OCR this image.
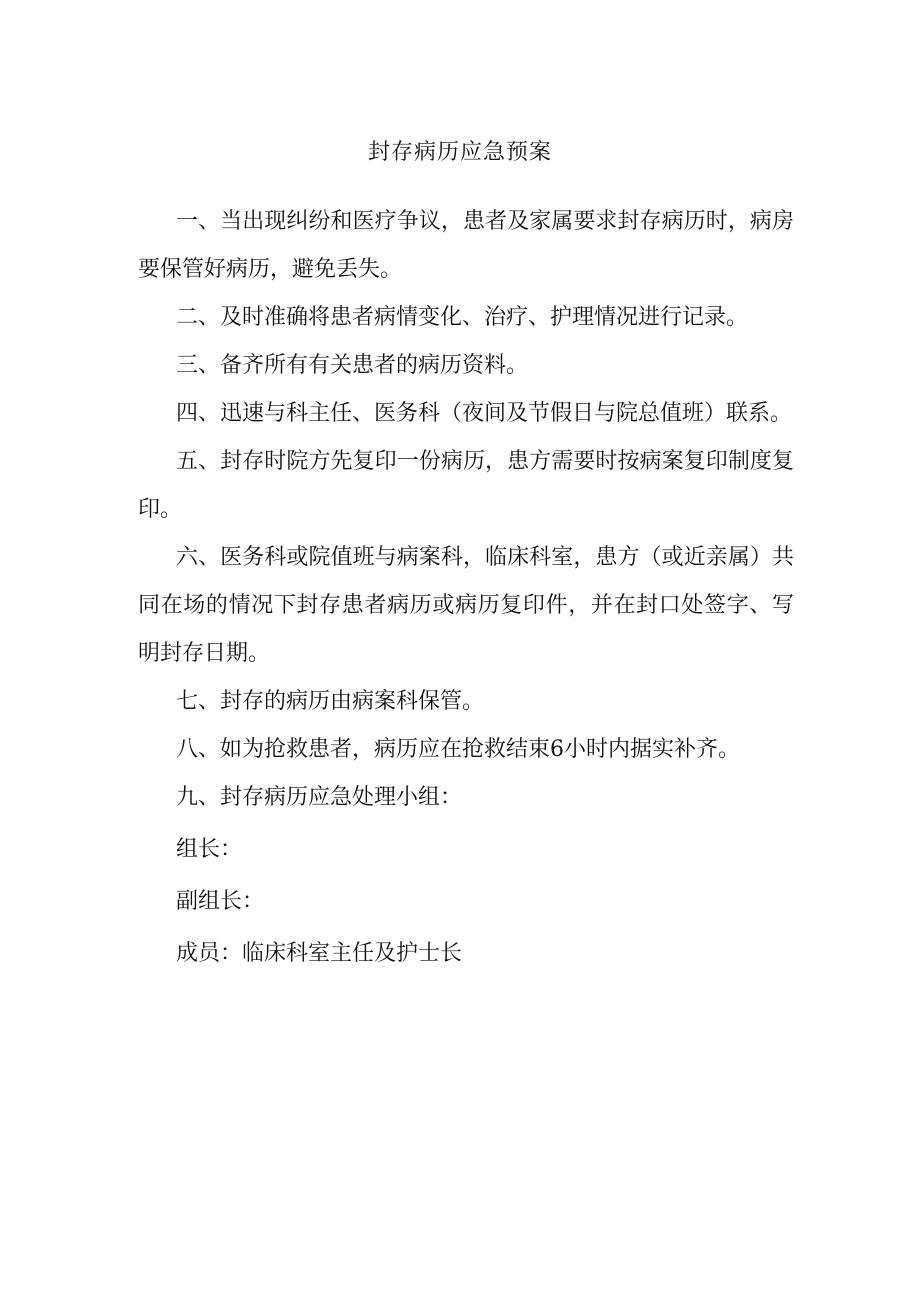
封存病历应急预案

一、当出现纠纷和医疗争议，患者及家属要求封存病历时，病房要保管好病历，避免丢失。

二、及时准确将患者病情变化、治疗、护理情况进行记录。

三、备齐所有有关患者的病历资料。

四、迅速与科主任、医务科（夜间及节假日与院总值班）联系。

五、封存时院方先复印一份病历，患方需要时按病案复印制度复印。

六、医务科或院值班与病案科，临床科室，患方（或近亲属）共同在场的情况下封存患者病历或病历复印件，并在封口处签字、写明封存日期。

七、封存的病历由病案科保管。

八、如为抢救患者，病历应在抢救结束6小时内据实补齐。

九、封存病历应急处理小组：

组长：

副组长：

成员：临床科室主任及护士长
